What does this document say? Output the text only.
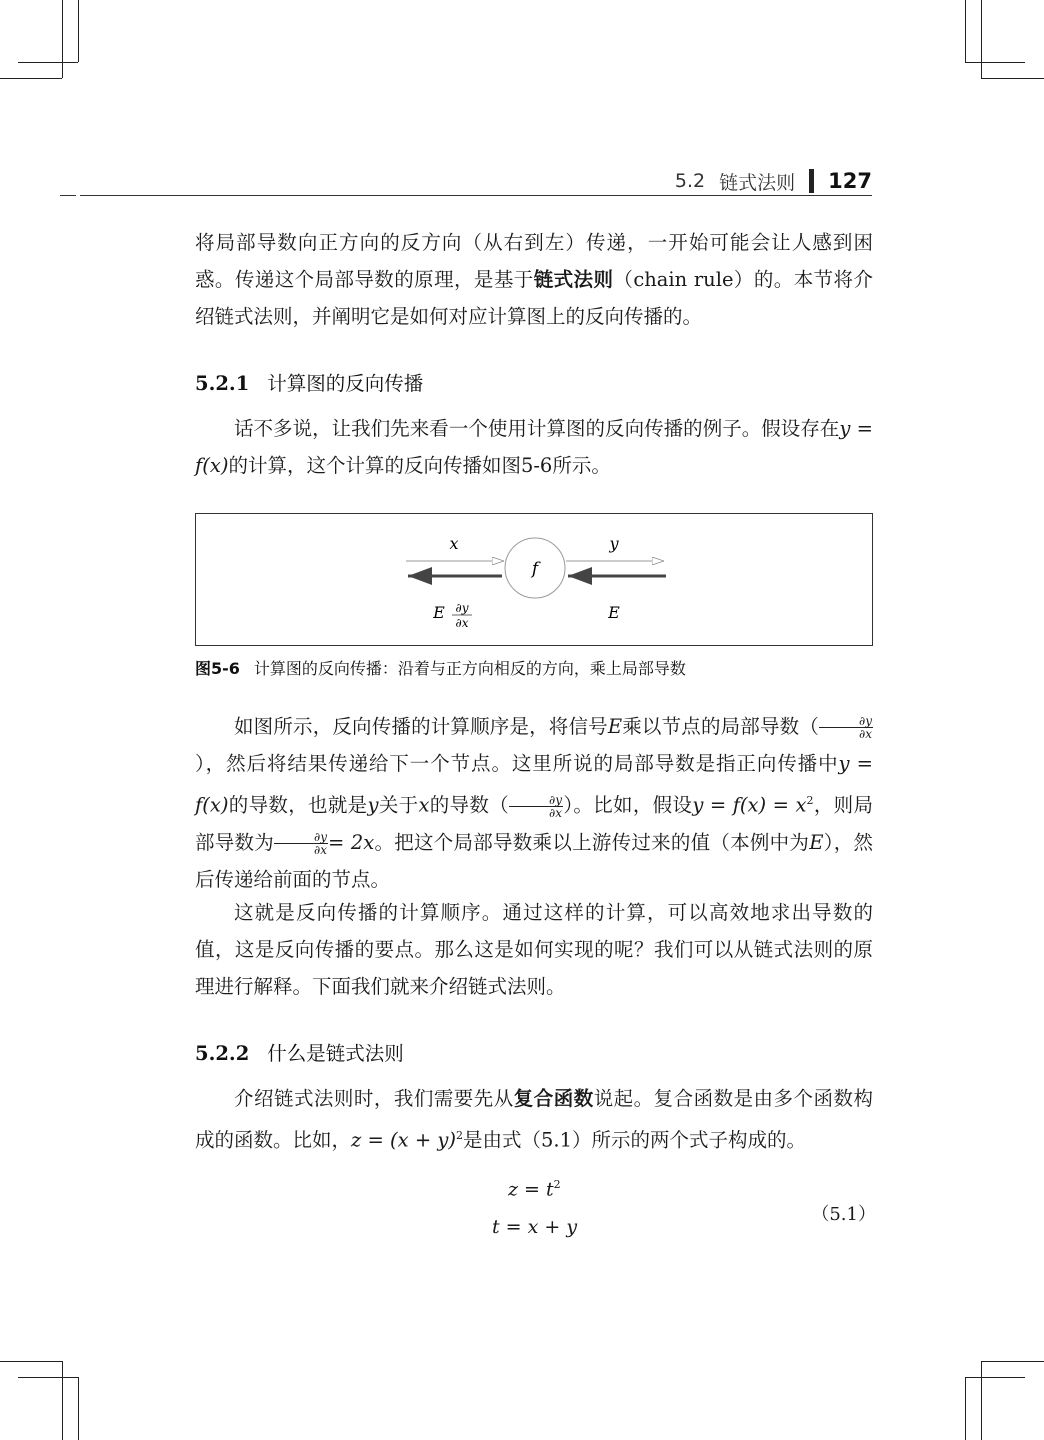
5.2 链式法则 127
将局部导数向正方向的反方向（从右到左）传递，一开始可能会让人感到困惑。传递这个局部导数的原理，是基于链式法则（chain rule）的。本节将介绍链式法则，并阐明它是如何对应计算图上的反向传播的。
5.2.1 计算图的反向传播
话不多说，让我们先来看一个使用计算图的反向传播的例子。假设存在y = f(x)的计算，这个计算的反向传播如图5-6所示。
f
x	y
E ∂y
∂x
E
图5-6 计算图的反向传播：沿着与正方向相反的方向，乘上局部导数
如图所示，反向传播的计算顺序是，将信号E乘以节点的局部导数（ $\frac{\partial y}{\partial x}$
），然后将结果传递给下一个节点。这里所说的局部导数是指正向传播中y = f(x)的导数，也就是y关于x的导数（ $\frac{\partial y}{\partial x}$ ）。比如，假设$y = f(x) = x^2$，则局部导数为 $\frac{\partial y}{\partial x} = 2x$。把这个局部导数乘以上游传过来的值（本例中为E），然后传递给前面的节点。
这就是反向传播的计算顺序。通过这样的计算，可以高效地求出导数的值，这是反向传播的要点。那么这是如何实现的呢？我们可以从链式法则的原理进行解释。下面我们就来介绍链式法则。
5.2.2 什么是链式法则
介绍链式法则时，我们需要先从复合函数说起。复合函数是由多个函数构成的函数。比如，$z = (x + y)^2$是由式（5.1）所示的两个式子构成的。
$z = t^2$
t = x + y
（5.1）
